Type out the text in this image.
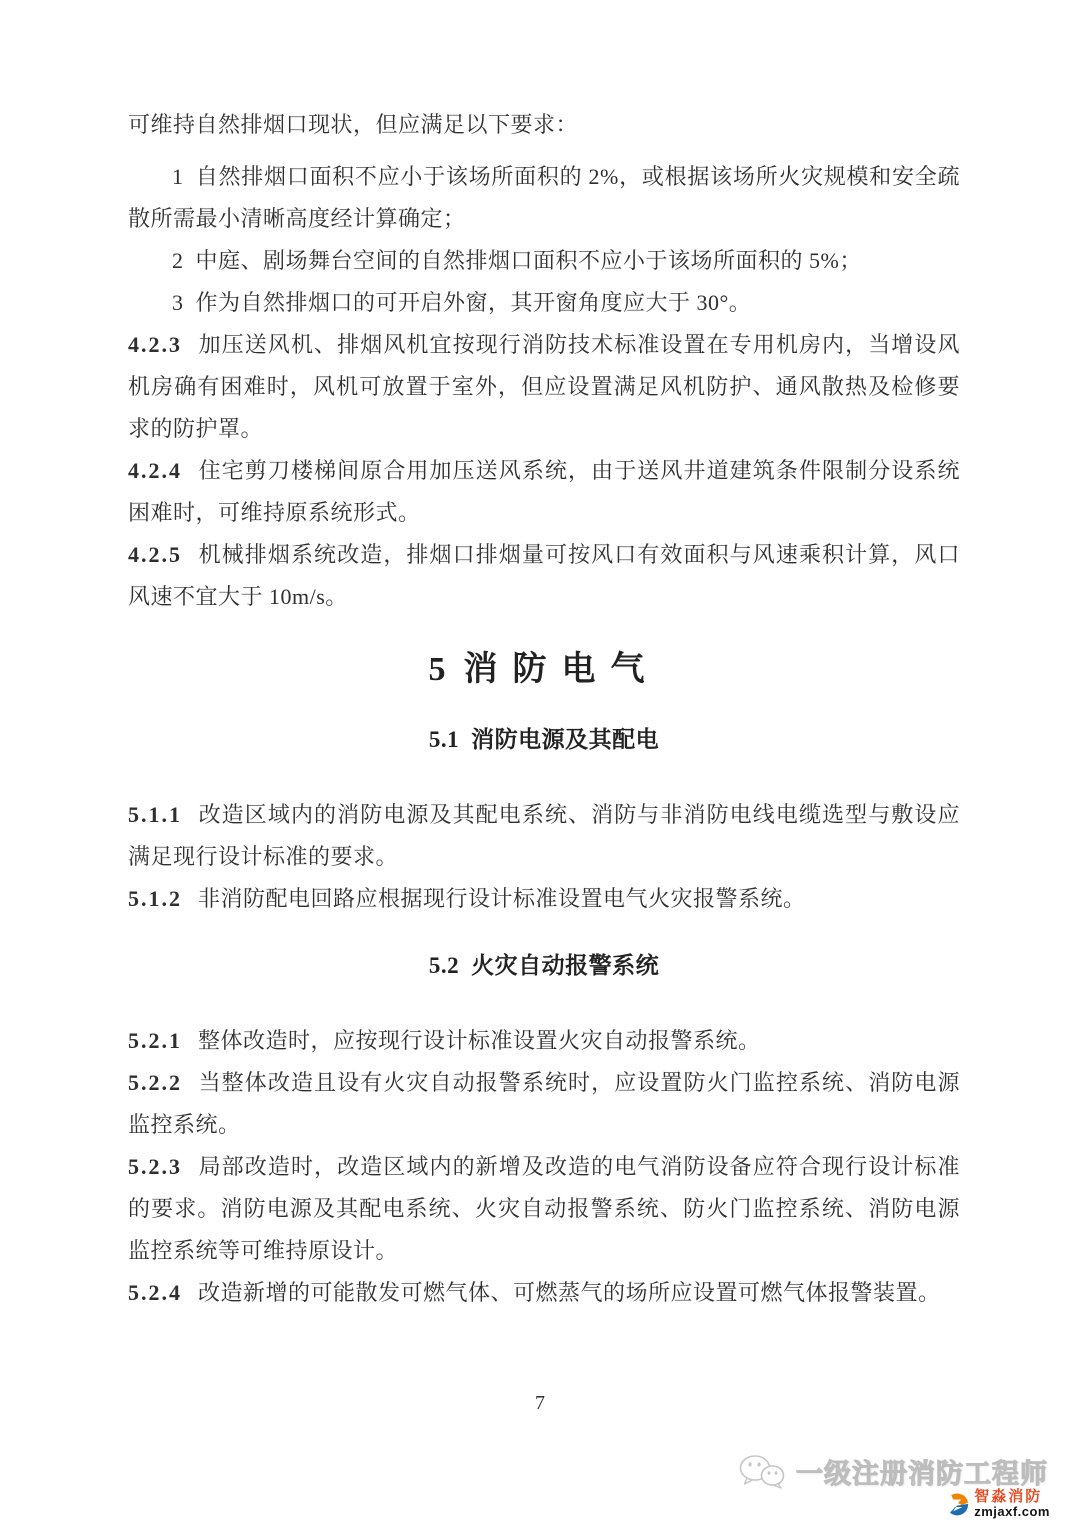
可维持自然排烟口现状，但应满足以下要求：

1 自然排烟口面积不应小于该场所面积的 2%，或根据该场所火灾规模和安全疏散所需最小清晰高度经计算确定；

2 中庭、剧场舞台空间的自然排烟口面积不应小于该场所面积的 5%；

3 作为自然排烟口的可开启外窗，其开窗角度应大于 30°。

4.2.3 加压送风机、排烟风机宜按现行消防技术标准设置在专用机房内，当增设风机房确有困难时，风机可放置于室外，但应设置满足风机防护、通风散热及检修要求的防护罩。

4.2.4 住宅剪刀楼梯间原合用加压送风系统，由于送风井道建筑条件限制分设系统困难时，可维持原系统形式。

4.2.5 机械排烟系统改造，排烟口排烟量可按风口有效面积与风速乘积计算，风口风速不宜大于 10m/s。

5 消防电气
5.1 消防电源及其配电

5.1.1 改造区域内的消防电源及其配电系统、消防与非消防电线电缆选型与敷设应满足现行设计标准的要求。

5.1.2 非消防配电回路应根据现行设计标准设置电气火灾报警系统。

5.2 火灾自动报警系统

5.2.1 整体改造时，应按现行设计标准设置火灾自动报警系统。

5.2.2 当整体改造且设有火灾自动报警系统时，应设置防火门监控系统、消防电源监控系统。

5.2.3 局部改造时，改造区域内的新增及改造的电气消防设备应符合现行设计标准的要求。消防电源及其配电系统、火灾自动报警系统、防火门监控系统、消防电源监控系统等可维持原设计。

5.2.4 改造新增的可能散发可燃气体、可燃蒸气的场所应设置可燃气体报警装置。

7
一级注册消防工程师
智淼消防
zmjaxf.com
